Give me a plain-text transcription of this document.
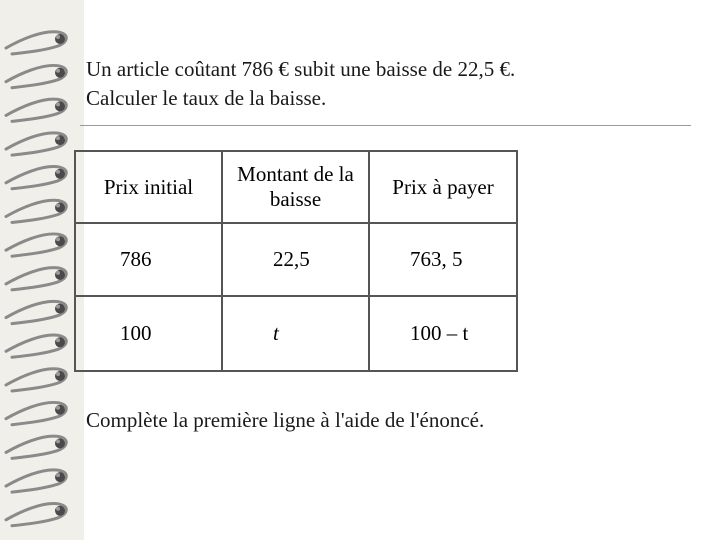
Un article coûtant 786 € subit une baisse de 22,5 €.
Calculer le taux de la baisse.
Prix initial	Montant de la baisse	Prix à payer
786	22,5	763, 5
100	t	100 – t
Complète la première ligne à l'aide de l'énoncé.
